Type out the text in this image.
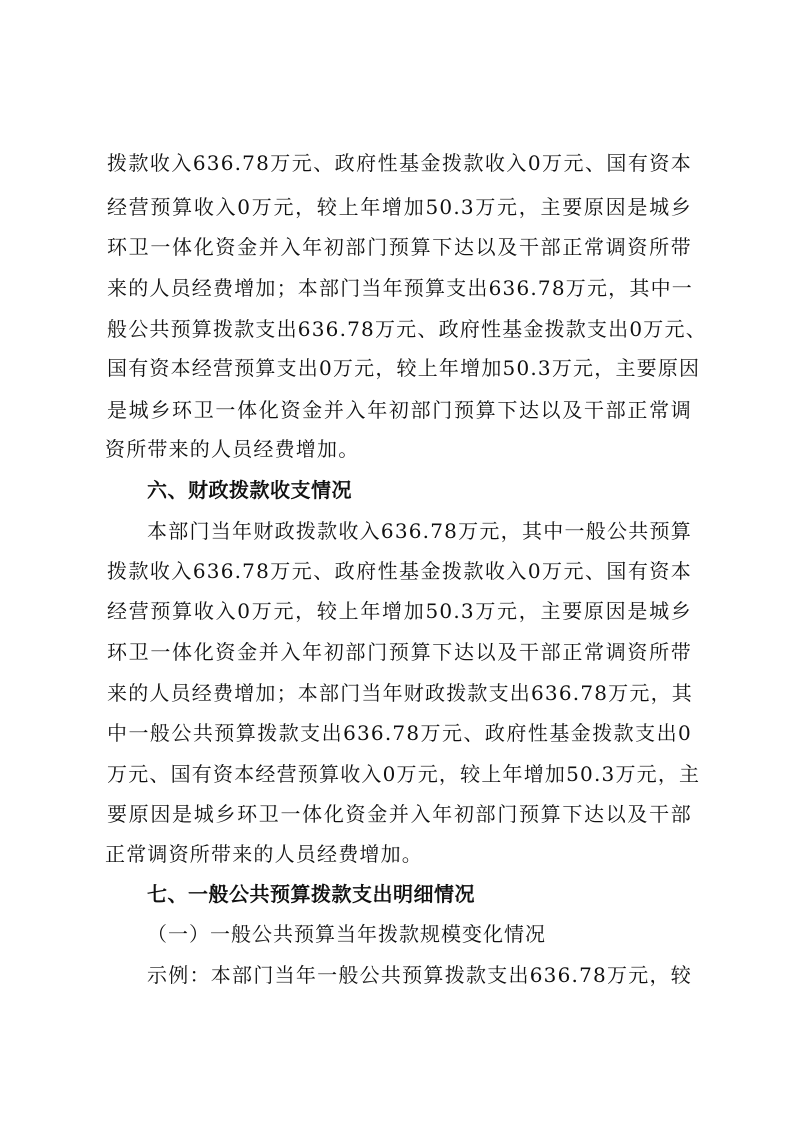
拨款收入636.78万元、政府性基金拨款收入0万元、国有资本
经营预算收入0万元，较上年增加50.3万元，主要原因是城乡
环卫一体化资金并入年初部门预算下达以及干部正常调资所带
来的人员经费增加；本部门当年预算支出636.78万元，其中一
般公共预算拨款支出636.78万元、政府性基金拨款支出0万元、
国有资本经营预算支出0万元，较上年增加50.3万元，主要原因
是城乡环卫一体化资金并入年初部门预算下达以及干部正常调
资所带来的人员经费增加。
六、财政拨款收支情况
本部门当年财政拨款收入636.78万元，其中一般公共预算
拨款收入636.78万元、政府性基金拨款收入0万元、国有资本
经营预算收入0万元，较上年增加50.3万元，主要原因是城乡
环卫一体化资金并入年初部门预算下达以及干部正常调资所带
来的人员经费增加；本部门当年财政拨款支出636.78万元，其
中一般公共预算拨款支出636.78万元、政府性基金拨款支出0
万元、国有资本经营预算收入0万元，较上年增加50.3万元，主
要原因是城乡环卫一体化资金并入年初部门预算下达以及干部
正常调资所带来的人员经费增加。
七、一般公共预算拨款支出明细情况
（一）一般公共预算当年拨款规模变化情况
示例：本部门当年一般公共预算拨款支出636.78万元，较
